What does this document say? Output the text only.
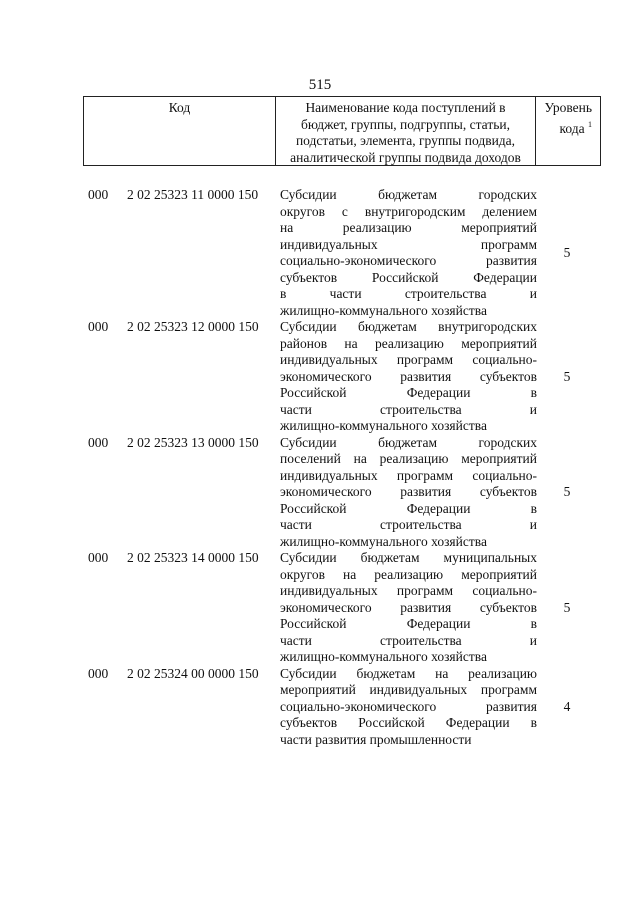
515
Код	Наименование кода поступлений в
бюджет, группы, подгруппы, статьи,
подстатьи, элемента, группы подвида,
аналитической группы подвида доходов
Уровень
кода $^1$
000	2 02 25323 11 0000 150	Субсидии бюджетам городских
округов с внутригородским делением
на реализацию мероприятий
индивидуальных программ
социально-экономического развития
субъектов Российской Федерации
в части строительства и
жилищно-коммунального хозяйства
5
000	2 02 25323 12 0000 150	Субсидии бюджетам внутригородских
районов на реализацию мероприятий
индивидуальных программ социально-
экономического развития субъектов
Российской Федерации в
части строительства и
жилищно-коммунального хозяйства
5
000	2 02 25323 13 0000 150	Субсидии бюджетам городских
поселений на реализацию мероприятий
индивидуальных программ социально-
экономического развития субъектов
Российской Федерации в
части строительства и
жилищно-коммунального хозяйства
5
000	2 02 25323 14 0000 150	Субсидии бюджетам муниципальных
округов на реализацию мероприятий
индивидуальных программ социально-
экономического развития субъектов
Российской Федерации в
части строительства и
жилищно-коммунального хозяйства
5
000	2 02 25324 00 0000 150	Субсидии бюджетам на реализацию
мероприятий индивидуальных программ
социально-экономического развития
субъектов Российской Федерации в
части развития промышленности
4
